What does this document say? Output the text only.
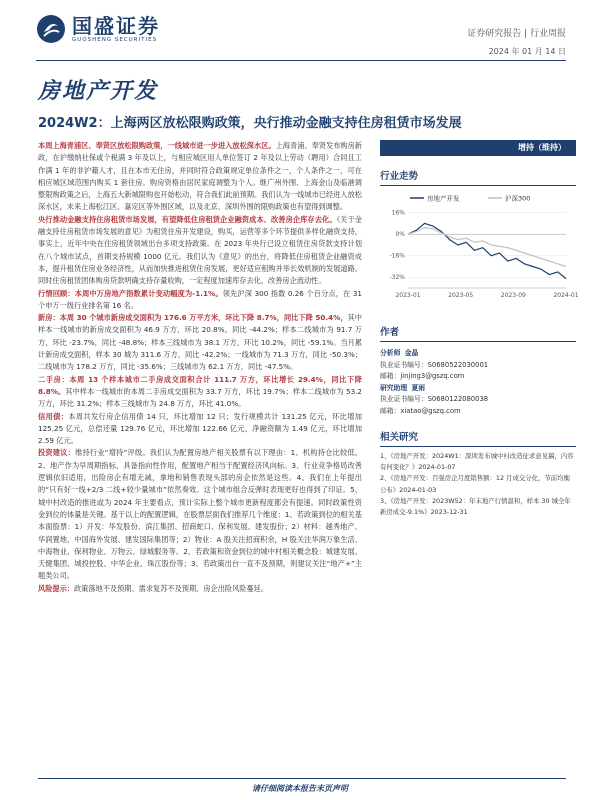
国盛证券
GUOSHENG SECURITIES
证券研究报告 | 行业周报
2024 年 01 月 14 日
房地产开发
2024W2：上海两区放松限购政策，央行推动金融支持住房租赁市场发展

本周上海青浦区、奉贤区放松限购政策，一线城市进一步进入放松深水区。上海青浦、奉贤发布购房新政，在沪缴纳社保或个税满 3 年及以上，与相应城区用人单位签订 2 年及以上劳动（聘用）合同且工作满 1 年的非沪籍人才，且在本市无住房，并同时符合政策规定单位条件之一，个人条件之一，可在相应城区域范围内购买 1 套住房。购房资格由居民家庭调整为个人。继广州外围、上海金山及临港调整限购政策之后，上海五大新城限购也开始松动，符合我们此前预期。我们认为一线城市已经进入放松深水区，未来上海松江区、嘉定区等外围区域，以及北京、深圳外围的限购政策也有望得到调整。

央行推动金融支持住房租赁市场发展，有望降低住房租赁企业融资成本、改善房企库存去化。《关于金融支持住房租赁市场发展的意见》为租赁住房开发建设，购买，运营等多个环节提供多样化融资支持，事实上，近年中央在住房租赁领域出台多项支持政策。在 2023 年央行已设立租赁住房贷款支持计划在八个城市试点，首期支持规模 1000 亿元。我们认为《意见》的出台，将降低住房租赁企业融资成本，提升租赁住房业务经济性，从而加快推进租赁住房发展，更好适应租购并举长效机制的发展道路。同时住房租赁团体购房贷款明确支持存量收购，一定程度加速库存去化，改善房企流动性。

行情回顾：本周中万房地产指数累计变动幅度为-1.1%。领先沪深 300 指数 0.26 个百分点，在 31 个申万一级行业排名第 16 名。

新房：本周 30 个城市新房成交面积为 176.6 万平方米，环比下降 8.7%，同比下降 50.4%，其中样本一线城市的新房成交面积为 46.9 万方，环比 20.8%，同比 -44.2%；样本二线城市为 91.7 万方，环比 -23.7%，同比 -48.8%；样本三线城市为 38.1 万方，环比 10.2%，同比 -59.1%。当月累计新房成交面积，样本 30 城为 311.6 万方，同比 -42.2%；一线城市为 71.3 万方，同比 -50.3%；二线城市为 178.2 万方，同比 -35.6%；三线城市为 62.1 万方，同比 -47.5%。

二手房：本周 13 个样本城市二手房成交面积合计 111.7 万方，环比增长 29.4%，同比下降 8.8%。其中样本一线城市的本周二手房成交面积为 33.7 万方，环比 19.7%；样本二线城市为 53.2 万方，环比 31.2%；样本三线城市为 24.8 万方，环比 41.0%。

信用债：本周共发行房企信用债 14 只，环比增加 12 只；发行规模共计 131.25 亿元，环比增加 125.25 亿元，总偿还量 129.76 亿元，环比增加 122.66 亿元，净融资额为 1.49 亿元，环比增加 2.59 亿元。

投资建议：维持行业“增持”评级。我们认为配置房地产相关股票有以下理由：1、机构持仓比较低。2、地产作为早周期指标，具备指向性作用，配置地产相当于配置经济风向标。3、行业竞争格局改善逻辑依旧适用，出险房企有增无减，拿地和销售表现头部的房企依然是这些。4、我们在上年提出的“只有好一线+2/3 二线+较少量城市”依然奏效。这个城市组合反弹时表现更好也得到了印证。5、城中村改造的推进或为 2024 年主要看点，预计实际上整个城市更新程度都会有提速。同时政策性资金到位的体量是关键。基于以上的配置逻辑，在股票层面我们推荐几个维度：1、若政策到位的相关基本面股票：1）开发：华发股份、滨江集团、招商蛇口、保利发展、建发股份；2）材料：越秀地产、华润置地、中国海外发展、建发国际集团等；2）物业：A 股关注招商积余，H 股关注华润万象生活、中海物业、保利物业、万物云、绿城服务等。2、若政策和资金到位的城中村相关概念股：城建发展、天健集团、城投控股、中华企业、珠江股份等；3、若政策出台一直不及预期，则建议关注“地产+”主题类公司。

风险提示：政策落地不及预期、需求复苏不及预期、房企出险风险蔓延。

增持（维持）
行业走势
房地产开发	沪深300
16%
0%
-16%
-32%
2023-01	2023-05	2023-09	2024-01
作者
分析师 金晶
执业证书编号：S0680522030001
邮箱：jinjing3@gszq.com
研究助理 夏雨
执业证书编号：S0680122080038
邮箱：xiatao@gszq.com
相关研究
1、《房地产开发：2024W1：深圳发布城中村改造征求意见稿，内容有何变化？》2024-01-07
2、《房地产开发：百强房企月度销售额：12 月成交分化，节前均衡公布》2024-01-03
3、《房地产开发：2023W52：年末地产行情温和，样本 30 城全年新房成交-9.1%》2023-12-31
请仔细阅读本报告末页声明
